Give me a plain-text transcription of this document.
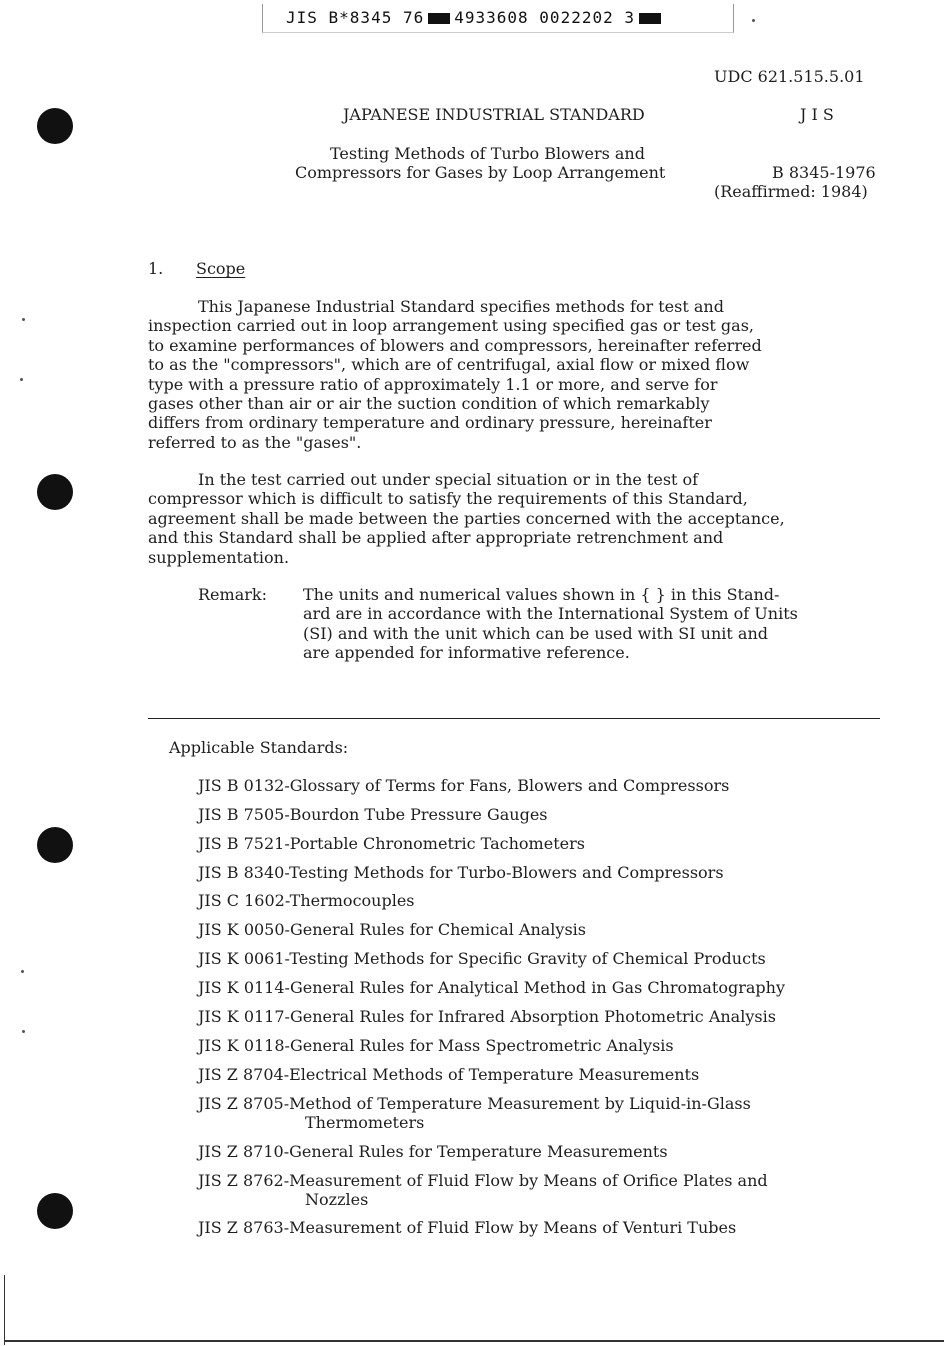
JIS B*8345 76 4933608 0022202 3
UDC 621.515.5.01
JAPANESE INDUSTRIAL STANDARD	J I S
Testing Methods of Turbo Blowers and
Compressors for Gases by Loop Arrangement	B 8345-1976
(Reaffirmed: 1984)
1. Scope
This Japanese Industrial Standard specifies methods for test and
inspection carried out in loop arrangement using specified gas or test gas,
to examine performances of blowers and compressors, hereinafter referred
to as the "compressors", which are of centrifugal, axial flow or mixed flow
type with a pressure ratio of approximately 1.1 or more, and serve for
gases other than air or air the suction condition of which remarkably
differs from ordinary temperature and ordinary pressure, hereinafter
referred to as the "gases".
In the test carried out under special situation or in the test of
compressor which is difficult to satisfy the requirements of this Standard,
agreement shall be made between the parties concerned with the acceptance,
and this Standard shall be applied after appropriate retrenchment and
supplementation.
Remark: The units and numerical values shown in { } in this Stand-
ard are in accordance with the International System of Units
(SI) and with the unit which can be used with SI unit and
are appended for informative reference.
Applicable Standards:
JIS B 0132-Glossary of Terms for Fans, Blowers and Compressors
JIS B 7505-Bourdon Tube Pressure Gauges
JIS B 7521-Portable Chronometric Tachometers
JIS B 8340-Testing Methods for Turbo-Blowers and Compressors
JIS C 1602-Thermocouples
JIS K 0050-General Rules for Chemical Analysis
JIS K 0061-Testing Methods for Specific Gravity of Chemical Products
JIS K 0114-General Rules for Analytical Method in Gas Chromatography
JIS K 0117-General Rules for Infrared Absorption Photometric Analysis
JIS K 0118-General Rules for Mass Spectrometric Analysis
JIS Z 8704-Electrical Methods of Temperature Measurements
JIS Z 8705-Method of Temperature Measurement by Liquid-in-Glass
Thermometers
JIS Z 8710-General Rules for Temperature Measurements
JIS Z 8762-Measurement of Fluid Flow by Means of Orifice Plates and
Nozzles
JIS Z 8763-Measurement of Fluid Flow by Means of Venturi Tubes
